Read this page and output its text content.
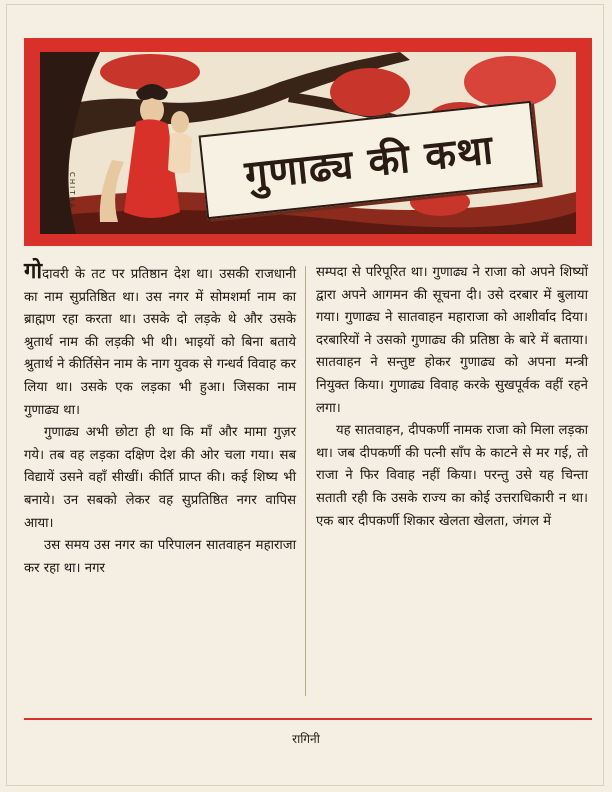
गुणाढ्य की कथा
CHITRA

गोदावरी के तट पर प्रतिष्ठान देश था। उसकी राजधानी का नाम सुप्रतिष्ठित था। उस नगर में सोमशर्मा नाम का ब्राह्मण रहा करता था। उसके दो लड़के थे और उसके श्रुतार्थ नाम की लड़की भी थी। भाइयों को बिना बताये श्रुतार्थ ने कीर्तिसेन नाम के नाग युवक से गन्धर्व विवाह कर लिया था। उसके एक लड़का भी हुआ। जिसका नाम गुणाढ्य था।

गुणाढ्य अभी छोटा ही था कि माँ और मामा गुज़र गये। तब वह लड़का दक्षिण देश की ओर चला गया। सब विद्यायें उसने वहाँ सीखीं। कीर्ति प्राप्त की। कई शिष्य भी बनाये। उन सबको लेकर वह सुप्रतिष्ठित नगर वापिस आया।

उस समय उस नगर का परिपालन सातवाहन महाराजा कर रहा था। नगर

सम्पदा से परिपूरित था। गुणाढ्य ने राजा को अपने शिष्यों द्वारा अपने आगमन की सूचना दी। उसे दरबार में बुलाया गया। गुणाढ्य ने सातवाहन महाराजा को आशीर्वाद दिया। दरबारियों ने उसको गुणाढ्य की प्रतिष्ठा के बारे में बताया। सातवाहन ने सन्तुष्ट होकर गुणाढ्य को अपना मन्त्री नियुक्त किया। गुणाढ्य विवाह करके सुखपूर्वक वहीं रहने लगा।

यह सातवाहन, दीपकर्णी नामक राजा को मिला लड़का था। जब दीपकर्णी की पत्नी साँप के काटने से मर गई, तो राजा ने फिर विवाह नहीं किया। परन्तु उसे यह चिन्ता सताती रही कि उसके राज्य का कोई उत्तराधिकारी न था। एक बार दीपकर्णी शिकार खेलता खेलता, जंगल में

रागिनी
